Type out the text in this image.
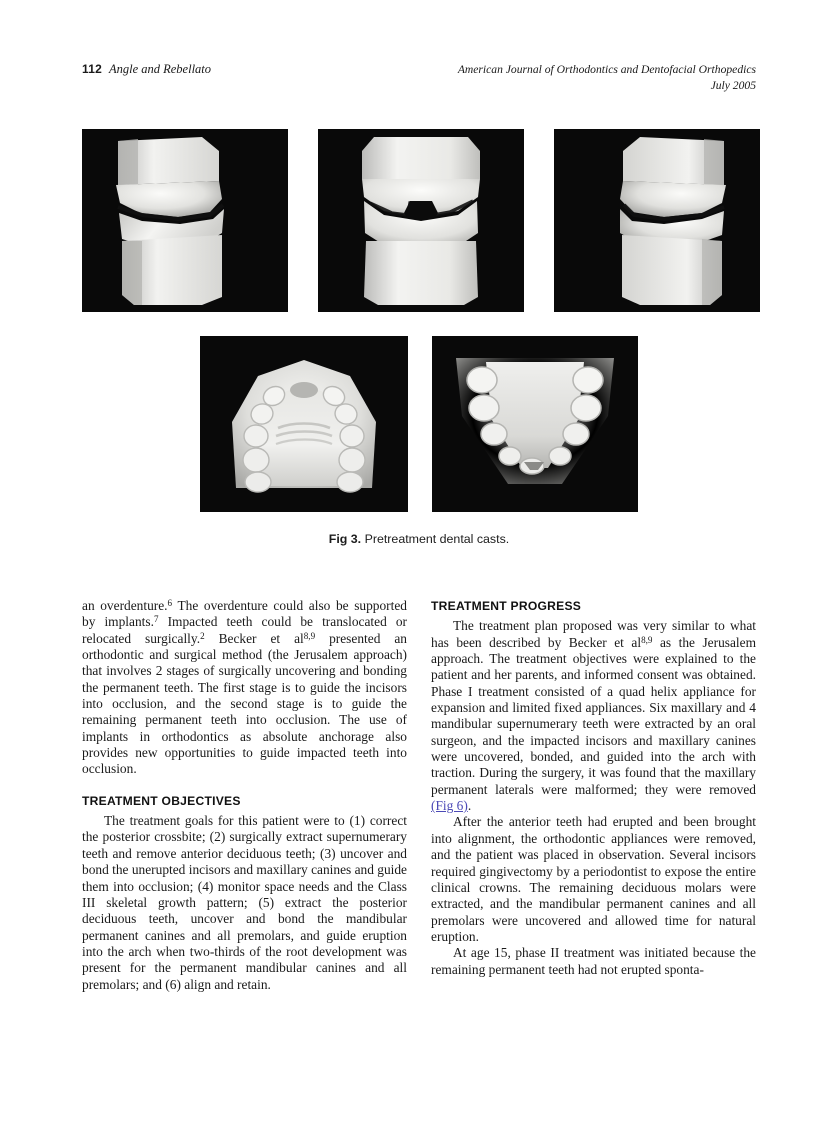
112 Angle and Rebellato	American Journal of Orthodontics and Dentofacial Orthopedics
July 2005
Fig 3. Pretreatment dental casts.

an overdenture.$^6$ The overdenture could also be supported by implants.$^7$ Impacted teeth could be translocated or relocated surgically.$^2$ Becker et al$^{8,9}$ presented an orthodontic and surgical method (the Jerusalem approach) that involves 2 stages of surgically uncovering and bonding the permanent teeth. The first stage is to guide the incisors into occlusion, and the second stage is to guide the remaining permanent teeth into occlusion. The use of implants in orthodontics as absolute anchorage also provides new opportunities to guide impacted teeth into occlusion.

TREATMENT OBJECTIVES

The treatment goals for this patient were to (1) correct the posterior crossbite; (2) surgically extract supernumerary teeth and remove anterior deciduous teeth; (3) uncover and bond the unerupted incisors and maxillary canines and guide them into occlusion; (4) monitor space needs and the Class III skeletal growth pattern; (5) extract the posterior deciduous teeth, uncover and bond the mandibular permanent canines and all premolars, and guide eruption into the arch when two-thirds of the root development was present for the permanent mandibular canines and all premolars; and (6) align and retain.

TREATMENT PROGRESS

The treatment plan proposed was very similar to what has been described by Becker et al$^{8,9}$ as the Jerusalem approach. The treatment objectives were explained to the patient and her parents, and informed consent was obtained. Phase I treatment consisted of a quad helix appliance for expansion and limited fixed appliances. Six maxillary and 4 mandibular supernumerary teeth were extracted by an oral surgeon, and the impacted incisors and maxillary canines were uncovered, bonded, and guided into the arch with traction. During the surgery, it was found that the maxillary permanent laterals were malformed; they were removed (Fig 6).

After the anterior teeth had erupted and been brought into alignment, the orthodontic appliances were removed, and the patient was placed in observation. Several incisors required gingivectomy by a periodontist to expose the entire clinical crowns. The remaining deciduous molars were extracted, and the mandibular permanent canines and all premolars were uncovered and allowed time for natural eruption.

At age 15, phase II treatment was initiated because the remaining permanent teeth had not erupted sponta-
